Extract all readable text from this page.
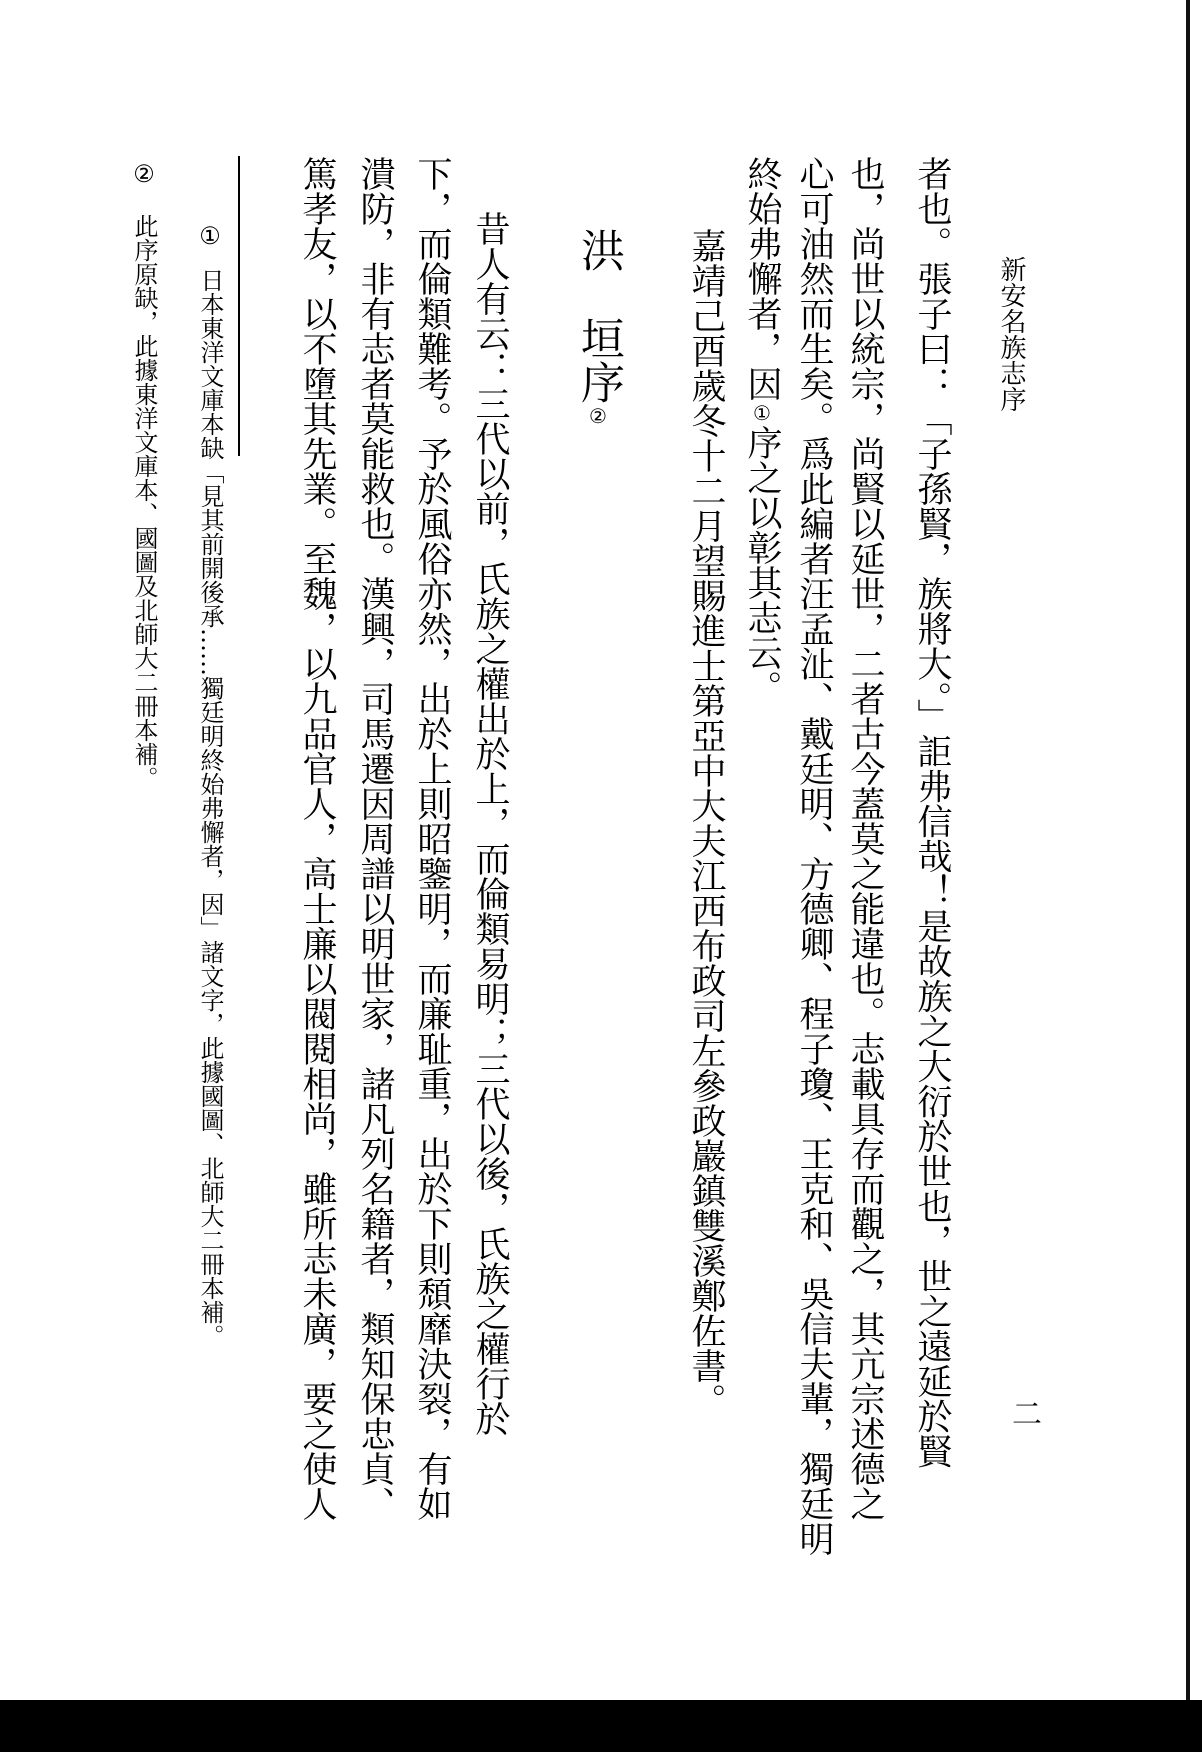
新安名族志序
二
者也。張子曰：「子孫賢，族將大。」詎弗信哉！是故族之大衍於世也，世之遠延於賢
也，尚世以統宗，尚賢以延世，二者古今蓋莫之能違也。志載具存而觀之，其亢宗述德之
心可油然而生矣。爲此編者汪孟沚、戴廷明、方德卿、程子瓊、王克和、吳信夫輩，獨廷明
終始弗懈者，因①序之以彰其志云。
嘉靖己酉歲冬十二月望賜進士第亞中大夫江西布政司左參政巖鎮雙溪鄭佐書。
洪　垣序②
昔人有云：三代以前，氏族之權出於上，而倫類易明；三代以後，氏族之權行於
下，而倫類難考。予於風俗亦然，出於上則昭鑒明，而廉耻重，出於下則頹靡決裂，有如
潰防，非有志者莫能救也。漢興，司馬遷因周譜以明世家，諸凡列名籍者，類知保忠貞、
篤孝友，以不墮其先業。至魏，以九品官人，高士廉以閥閱相尚，雖所志未廣，要之使人
①日本東洋文庫本缺「見其前開後承……獨廷明終始弗懈者，因」諸文字，此據國圖、北師大二冊本補。
②此序原缺，此據東洋文庫本、國圖及北師大二冊本補。
